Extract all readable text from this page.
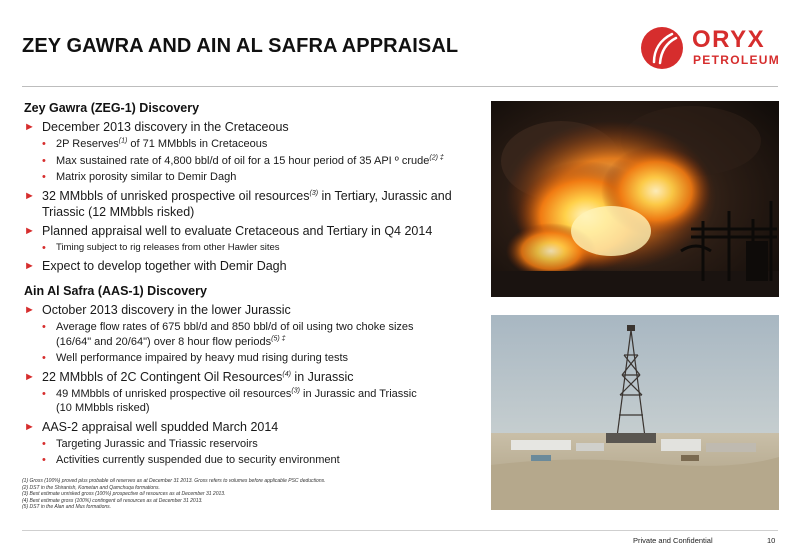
ZEY GAWRA AND AIN AL SAFRA APPRAISAL	ORYX
PETROLEUM
Zey Gawra (ZEG-1) Discovery
► December 2013 discovery in the Cretaceous
• 2P Reserves$^{(1)}$ of 71 MMbbls in Cretaceous
• Max sustained rate of 4,800 bbl/d of oil for a 15 hour period of 35 API º crude$^{(2) \ddagger}$
• Matrix porosity similar to Demir Dagh
► 32 MMbbls of unrisked prospective oil resources$^{(3)}$ in Tertiary, Jurassic and Triassic (12 MMbbls risked)
► Planned appraisal well to evaluate Cretaceous and Tertiary in Q4 2014
• Timing subject to rig releases from other Hawler sites
► Expect to develop together with Demir Dagh
Ain Al Safra (AAS-1) Discovery
► October 2013 discovery in the lower Jurassic
• Average flow rates of 675 bbl/d and 850 bbl/d of oil using two choke sizes
(16/64" and 20/64") over 8 hour flow periods$^{(5) \ddagger}$
• Well performance impaired by heavy mud rising during tests
► 22 MMbbls of 2C Contingent Oil Resources$^{(4)}$ in Jurassic
• 49 MMbbls of unrisked prospective oil resources$^{(3)}$ in Jurassic and Triassic
(10 MMbbls risked)
► AAS-2 appraisal well spudded March 2014
• Targeting Jurassic and Triassic reservoirs
• Activities currently suspended due to security environment
(1) Gross (100%) proved plus probable oil reserves as at December 31 2013. Gross refers to volumes before applicable PSC deductions.
(2) DST in the Shiranish, Kometan and Qamchuqa formations.
(3) Best estimate unrisked gross (100%) prospective oil resources as at December 31 2013.
(4) Best estimate gross (100%) contingent oil resources as at December 31 2013.
(5) DST in the Alan and Mus formations.
Private and Confidential	10
